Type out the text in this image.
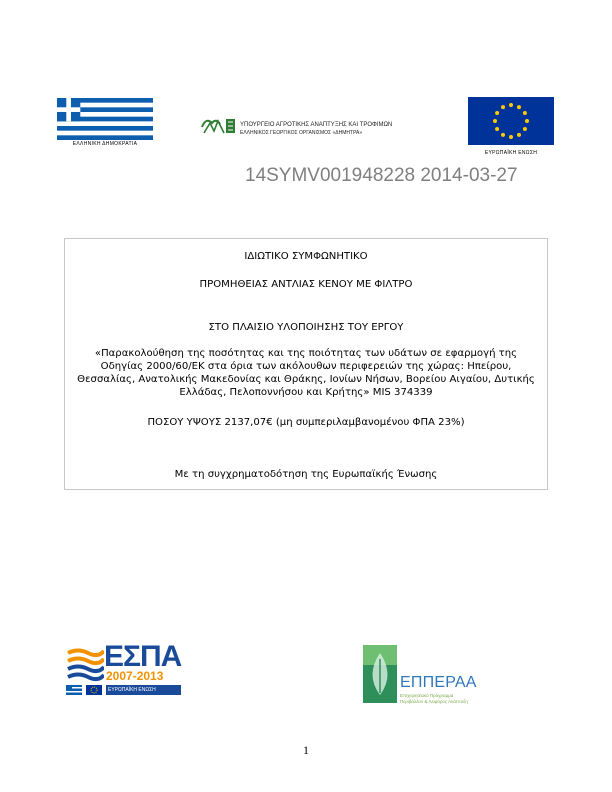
ΕΛΛΗΝΙΚΗ ΔΗΜΟΚΡΑΤΙΑ
ΥΠΟΥΡΓΕΙΟ ΑΓΡΟΤΙΚΗΣ ΑΝΑΠΤΥΞΗΣ ΚΑΙ ΤΡΟΦΙΜΩΝ
ΕΛΛΗΝΙΚΟΣ ΓΕΩΡΓΙΚΟΣ ΟΡΓΑΝΙΣΜΟΣ «ΔΗΜΗΤΡΑ»
ΕΥΡΩΠΑΪΚΗ ΕΝΩΣΗ
14SYMV001948228 2014-03-27
ΙΔΙΩΤΙΚΟ ΣΥΜΦΩΝΗΤΙΚΟ
ΠΡΟΜΗΘΕΙΑΣ ΑΝΤΛΙΑΣ ΚΕΝΟΥ ΜΕ ΦΙΛΤΡΟ
ΣΤΟ ΠΛΑΙΣΙΟ ΥΛΟΠΟΙΗΣΗΣ ΤΟΥ ΕΡΓΟΥ
«Παρακολούθηση της ποσότητας και της ποιότητας των υδάτων σε εφαρμογή της Οδηγίας 2000/60/ΕΚ στα όρια των ακόλουθων περιφερειών της χώρας: Ηπείρου, Θεσσαλίας, Ανατολικής Μακεδονίας και Θράκης, Ιονίων Νήσων, Βορείου Αιγαίου, Δυτικής Ελλάδας, Πελοποννήσου και Κρήτης» MIS 374339
ΠΟΣΟΥ ΥΨΟΥΣ 2137,07€ (μη συμπεριλαμβανομένου ΦΠΑ 23%)
Με τη συγχρηματοδότηση της Ευρωπαϊκής Ένωσης
ΕΣΠΑ
2007-2013
ΕΥΡΩΠΑΪΚΗ ΕΝΩΣΗ	ΕΠΠΕΡΑΑ
Επιχειρησιακό Πρόγραμμα
Περιβάλλον & Αειφόρος Ανάπτυξη
1
